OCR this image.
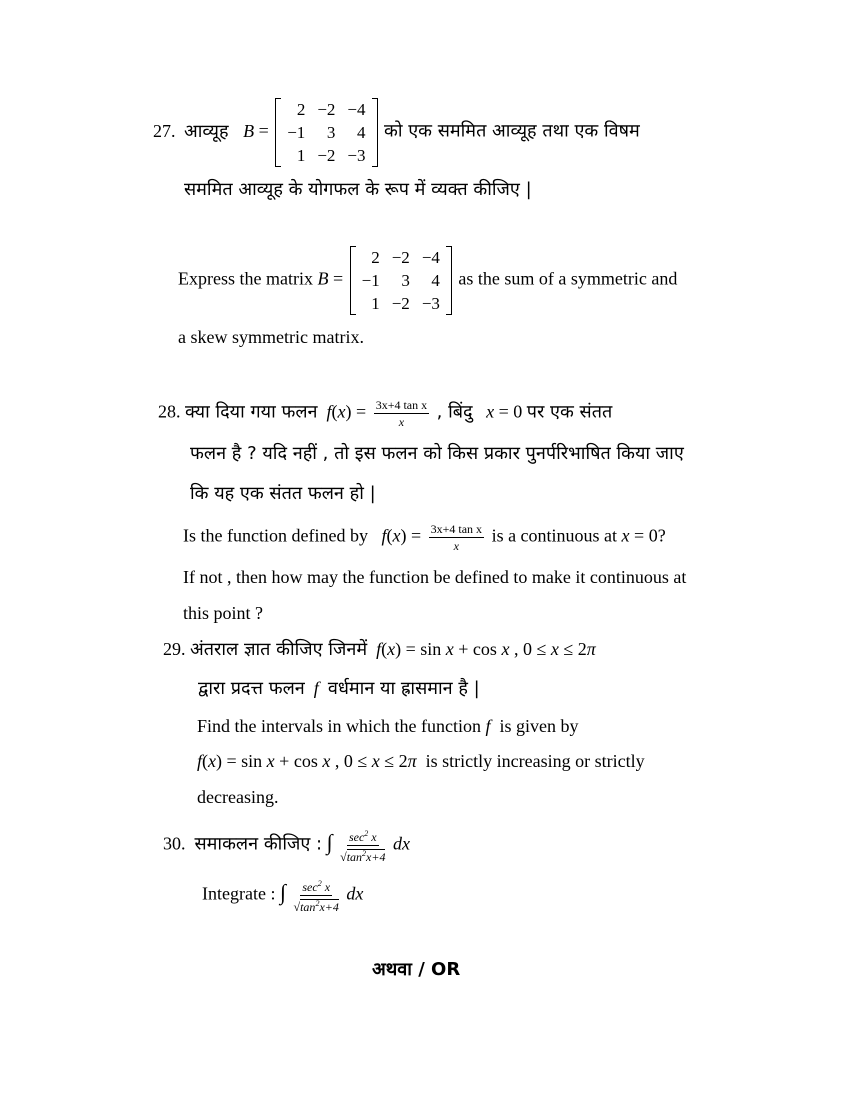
27. आव्यूह B =
2	−2	−4
−1	3	4
1	−2	−3
को एक सममित आव्यूह तथा एक विषम
सममित आव्यूह के योगफल के रूप में व्यक्त कीजिए |
Express the matrix B =
2	−2	−4
−1	3	4
1	−2	−3
as the sum of a symmetric and
a skew symmetric matrix.
28. क्या दिया गया फलन $f(x) = \frac{\text{3x+4 tan x}}{x}$ , बिंदु x = 0 पर एक संतत
फलन है ? यदि नहीं , तो इस फलन को किस प्रकार पुनर्परिभाषित किया जाए
कि यह एक संतत फलन हो |
Is the function defined by $f(x) = \frac{\text{3x+4 tan x}}{x}$ is a continuous at x = 0?
If not , then how may the function be defined to make it continuous at
this point ?
29. अंतराल ज्ञात कीजिए जिनमें f(x) = sin x + cos x , 0 ≤ x ≤ 2π
द्वारा प्रदत्त फलन f वर्धमान या ह्रासमान है |
Find the intervals in which the function f is given by
f(x) = sin x + cos x , 0 ≤ x ≤ 2π is strictly increasing or strictly
decreasing.
30. समाकलन कीजिए : ∫ $\frac{\sec^2 x}{√\tan^2x+4}$ dx
Integrate : ∫ $\frac{\sec^2 x}{√\tan^2x+4}$ dx
अथवा / OR
